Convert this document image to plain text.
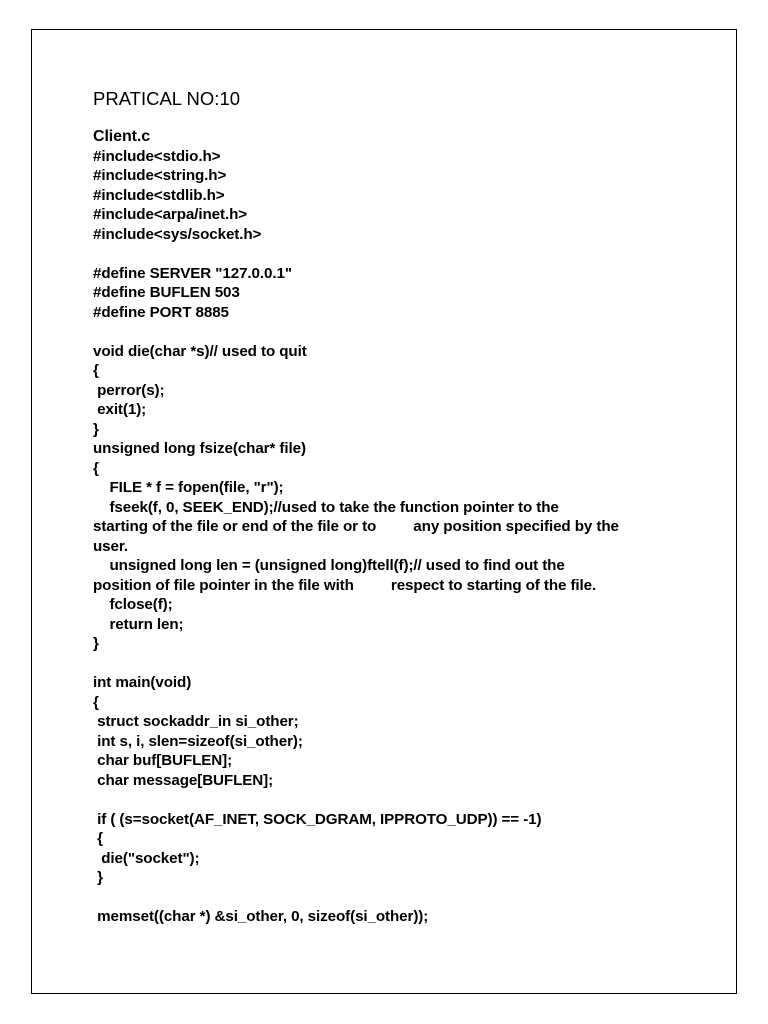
PRATICAL NO:10
Client.c
#include<stdio.h>
#include<string.h>
#include<stdlib.h>
#include<arpa/inet.h>
#include<sys/socket.h>
#define SERVER "127.0.0.1"
#define BUFLEN 503
#define PORT 8885
void die(char *s)// used to quit
{
perror(s);
exit(1);
}
unsigned long fsize(char* file)
{
FILE * f = fopen(file, "r");
fseek(f, 0, SEEK_END);//used to take the function pointer to the
starting of the file or end of the file or to         any position specified by the
user.
unsigned long len = (unsigned long)ftell(f);// used to find out the
position of file pointer in the file with         respect to starting of the file.
fclose(f);
return len;
}
int main(void)
{
struct sockaddr_in si_other;
int s, i, slen=sizeof(si_other);
char buf[BUFLEN];
char message[BUFLEN];
if ( (s=socket(AF_INET, SOCK_DGRAM, IPPROTO_UDP)) == -1)
{
die("socket");
}
memset((char *) &si_other, 0, sizeof(si_other));
